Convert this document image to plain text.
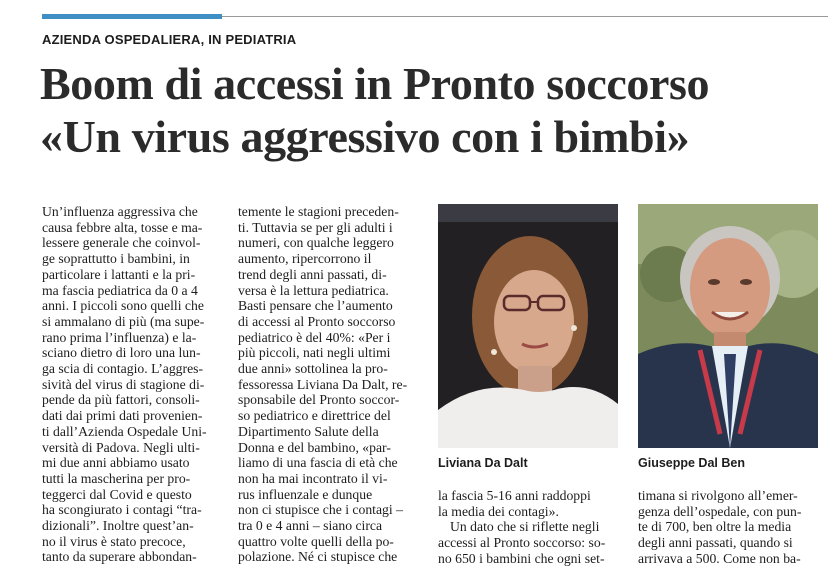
AZIENDA OSPEDALIERA, IN PEDIATRIA

Boom di accessi in Pronto soccorso
«Un virus aggressivo con i bimbi»
Un’influenza aggressiva che
causa febbre alta, tosse e ma-
lessere generale che coinvol-
ge soprattutto i bambini, in
particolare i lattanti e la pri-
ma fascia pediatrica da 0 a 4
anni. I piccoli sono quelli che
si ammalano di più (ma supe-
rano prima l’influenza) e la-
sciano dietro di loro una lun-
ga scia di contagio. L’aggres-
sività del virus di stagione di-
pende da più fattori, consoli-
dati dai primi dati provenien-
ti dall’Azienda Ospedale Uni-
versità di Padova. Negli ulti-
mi due anni abbiamo usato
tutti la mascherina per pro-
teggerci dal Covid e questo
ha scongiurato i contagi “tra-
dizionali”. Inoltre quest’an-
no il virus è stato precoce,
tanto da superare abbondan-
temente le stagioni preceden-
ti. Tuttavia se per gli adulti i
numeri, con qualche leggero
aumento, ripercorrono il
trend degli anni passati, di-
versa è la lettura pediatrica.
Basti pensare che l’aumento
di accessi al Pronto soccorso
pediatrico è del 40%: «Per i
più piccoli, nati negli ultimi
due anni» sottolinea la pro-
fessoressa Liviana Da Dalt, re-
sponsabile del Pronto soccor-
so pediatrico e direttrice del
Dipartimento Salute della
Donna e del bambino, «par-
liamo di una fascia di età che
non ha mai incontrato il vi-
rus influenzale e dunque
non ci stupisce che i contagi –
tra 0 e 4 anni – siano circa
quattro volte quelli della po-
polazione. Né ci stupisce che

Liviana Da Dalt	Giuseppe Dal Ben

la fascia 5-16 anni raddoppi
la media dei contagi».
Un dato che si riflette negli
accessi al Pronto soccorso: so-
no 650 i bambini che ogni set-
timana si rivolgono all’emer-
genza dell’ospedale, con pun-
te di 700, ben oltre la media
degli anni passati, quando si
arrivava a 500. Come non ba-
